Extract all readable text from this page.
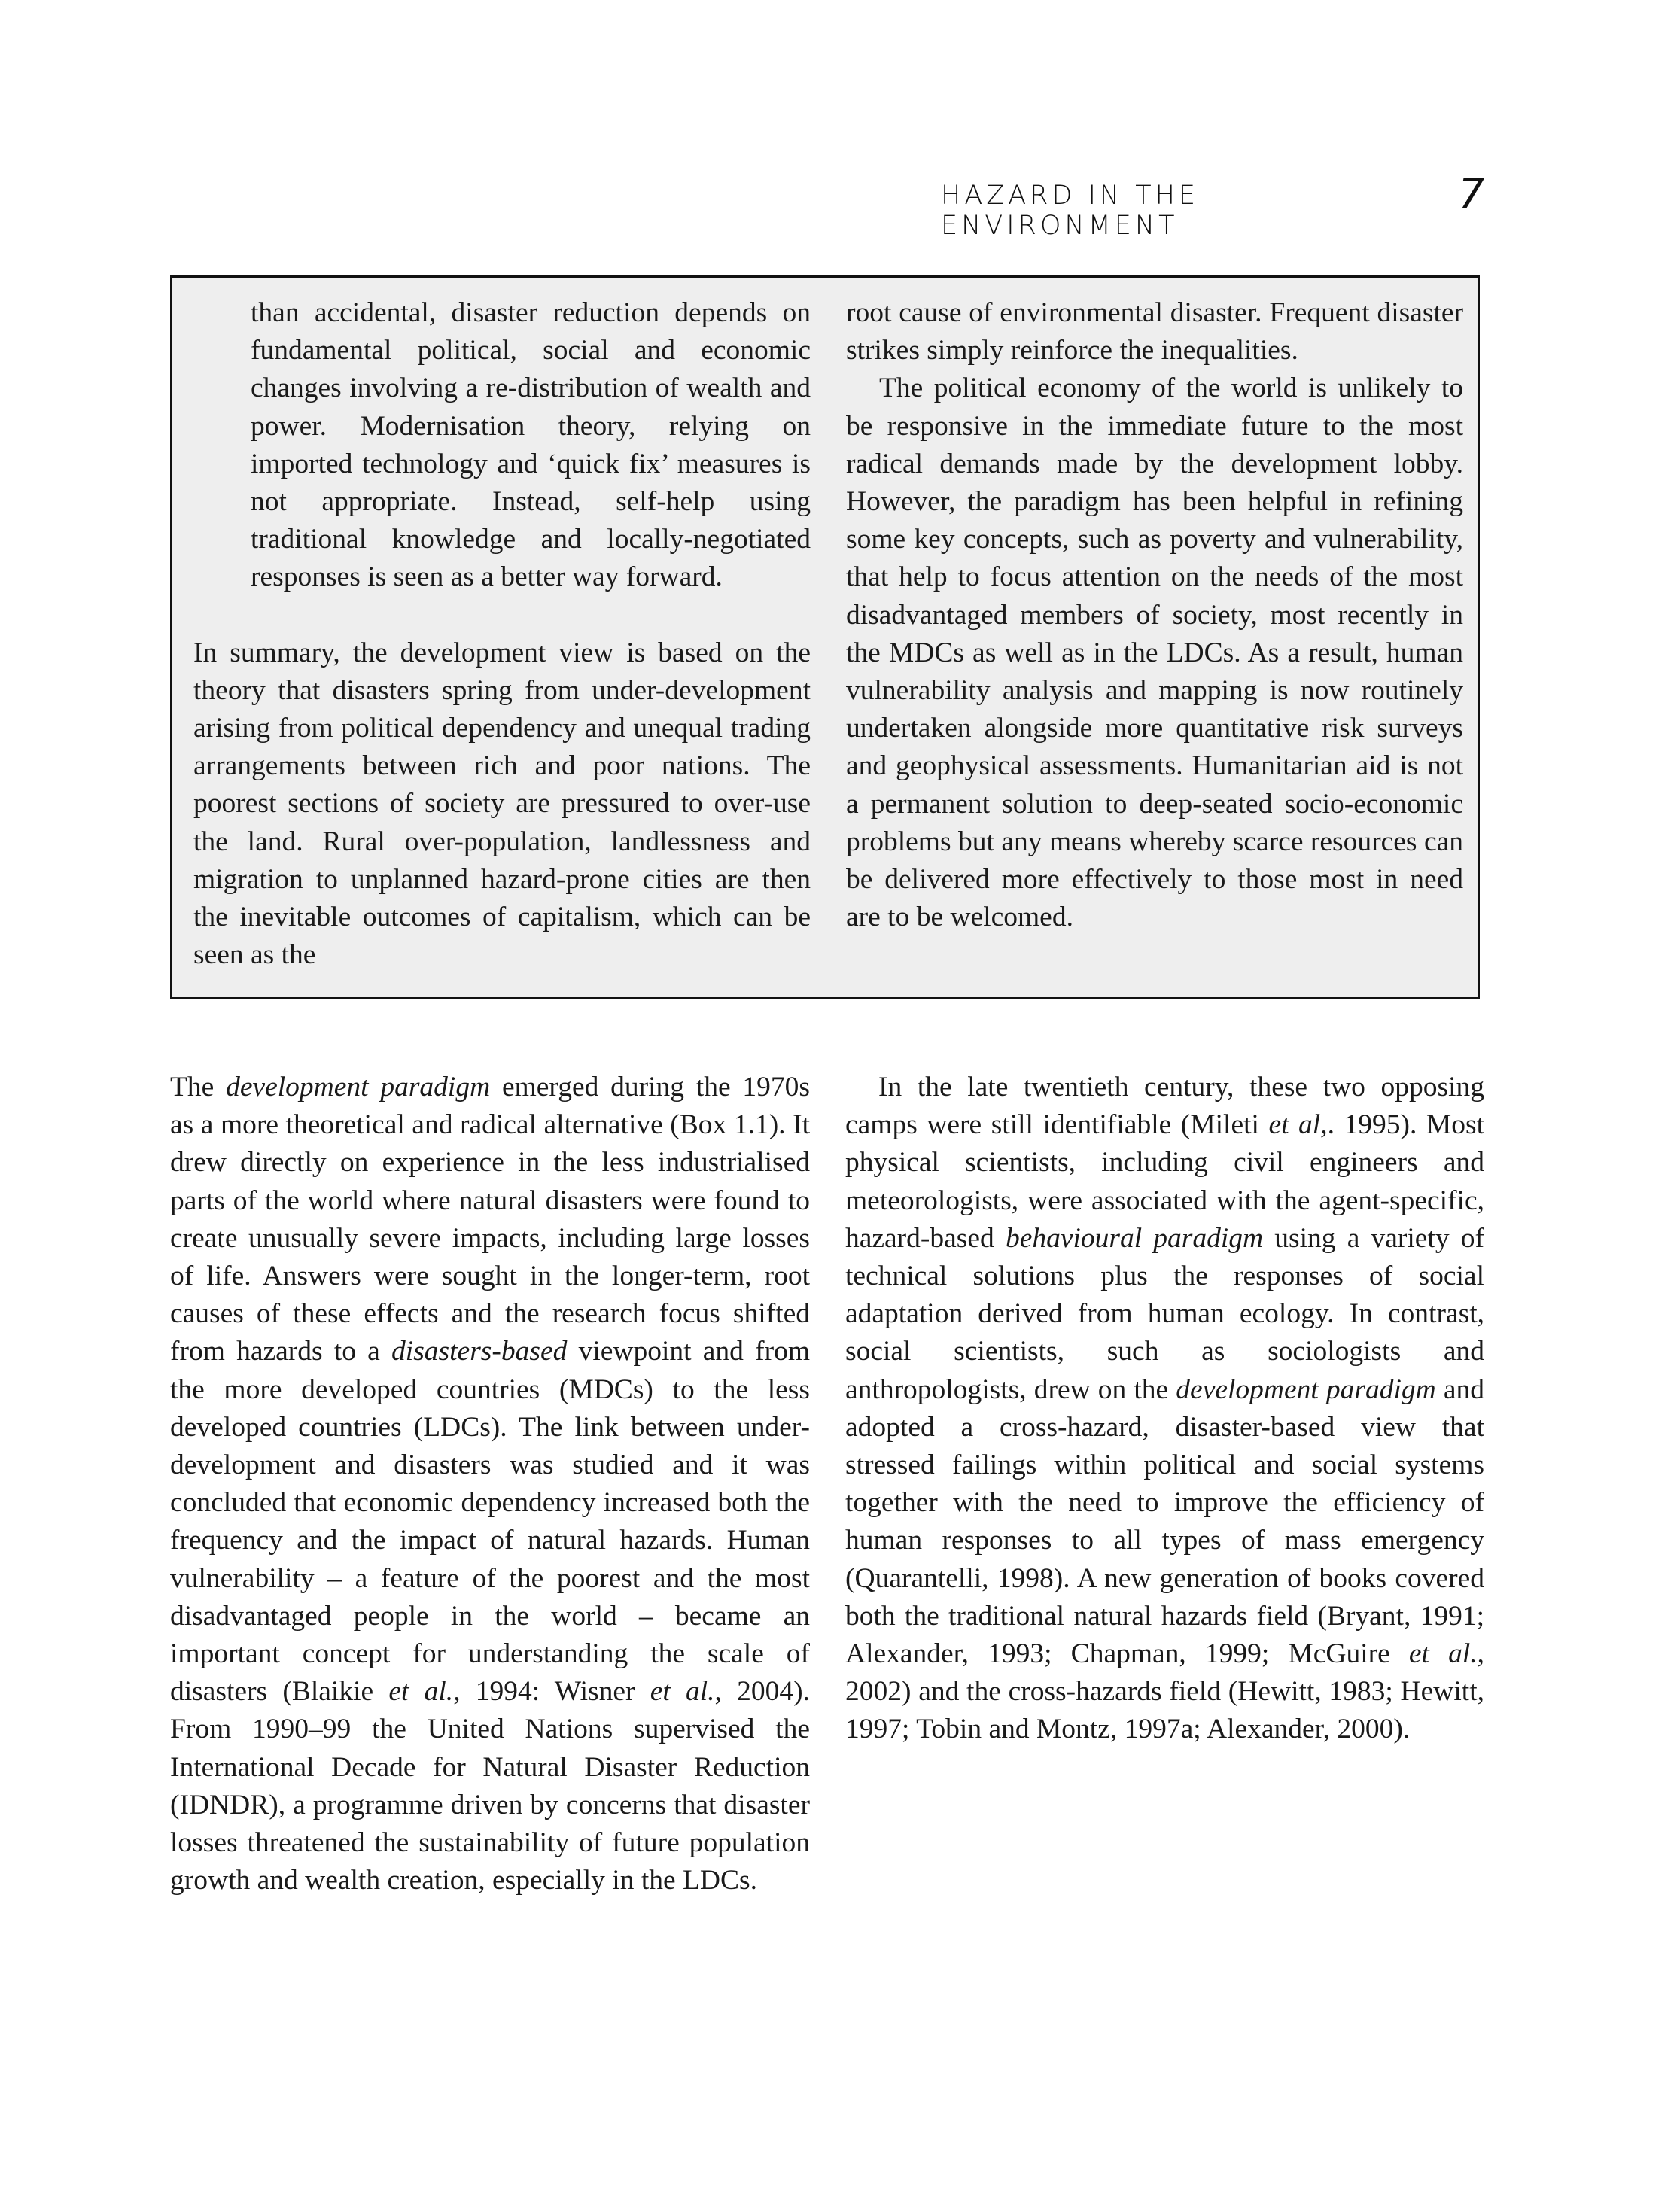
HAZARD IN THE ENVIRONMENT
7

than accidental, disaster reduction depends on fundamental political, social and economic changes involving a re-distribution of wealth and power. Modernisation theory, relying on imported technology and ‘quick fix’ measures is not appropriate. Instead, self-help using traditional knowledge and locally-negotiated responses is seen as a better way forward.

In summary, the development view is based on the theory that disasters spring from under-development arising from political dependency and unequal trading arrangements between rich and poor nations. The poorest sections of society are pressured to over-use the land. Rural over-population, landlessness and migration to unplanned hazard-prone cities are then the inevitable outcomes of capitalism, which can be seen as the

root cause of environmental disaster. Frequent disaster strikes simply reinforce the inequalities.

The political economy of the world is unlikely to be responsive in the immediate future to the most radical demands made by the development lobby. However, the paradigm has been helpful in refining some key concepts, such as poverty and vulnerability, that help to focus attention on the needs of the most disadvantaged members of society, most recently in the MDCs as well as in the LDCs. As a result, human vulnerability analysis and mapping is now routinely undertaken alongside more quantitative risk surveys and geophysical assessments. Humanitarian aid is not a permanent solution to deep-seated socio-economic problems but any means whereby scarce resources can be delivered more effectively to those most in need are to be welcomed.

The development paradigm emerged during the 1970s as a more theoretical and radical alternative (Box 1.1). It drew directly on experience in the less industrialised parts of the world where natural disasters were found to create unusually severe impacts, including large losses of life. Answers were sought in the longer-term, root causes of these effects and the research focus shifted from hazards to a disasters-based viewpoint and from the more developed countries (MDCs) to the less developed countries (LDCs). The link between under-development and disasters was studied and it was concluded that economic dependency increased both the frequency and the impact of natural hazards. Human vulnerability – a feature of the poorest and the most disadvantaged people in the world – became an important concept for understanding the scale of disasters (Blaikie et al., 1994: Wisner et al., 2004). From 1990–99 the United Nations supervised the International Decade for Natural Disaster Reduction (IDNDR), a programme driven by concerns that disaster losses threatened the sustainability of future population growth and wealth creation, especially in the LDCs.

In the late twentieth century, these two opposing camps were still identifiable (Mileti et al,. 1995). Most physical scientists, including civil engineers and meteorologists, were associated with the agent-specific, hazard-based behavioural paradigm using a variety of technical solutions plus the responses of social adaptation derived from human ecology. In contrast, social scientists, such as sociologists and anthropologists, drew on the development paradigm and adopted a cross-hazard, disaster-based view that stressed failings within political and social systems together with the need to improve the efficiency of human responses to all types of mass emergency (Quarantelli, 1998). A new generation of books covered both the traditional natural hazards field (Bryant, 1991; Alexander, 1993; Chapman, 1999; McGuire et al., 2002) and the cross-hazards field (Hewitt, 1983; Hewitt, 1997; Tobin and Montz, 1997a; Alexander, 2000).
